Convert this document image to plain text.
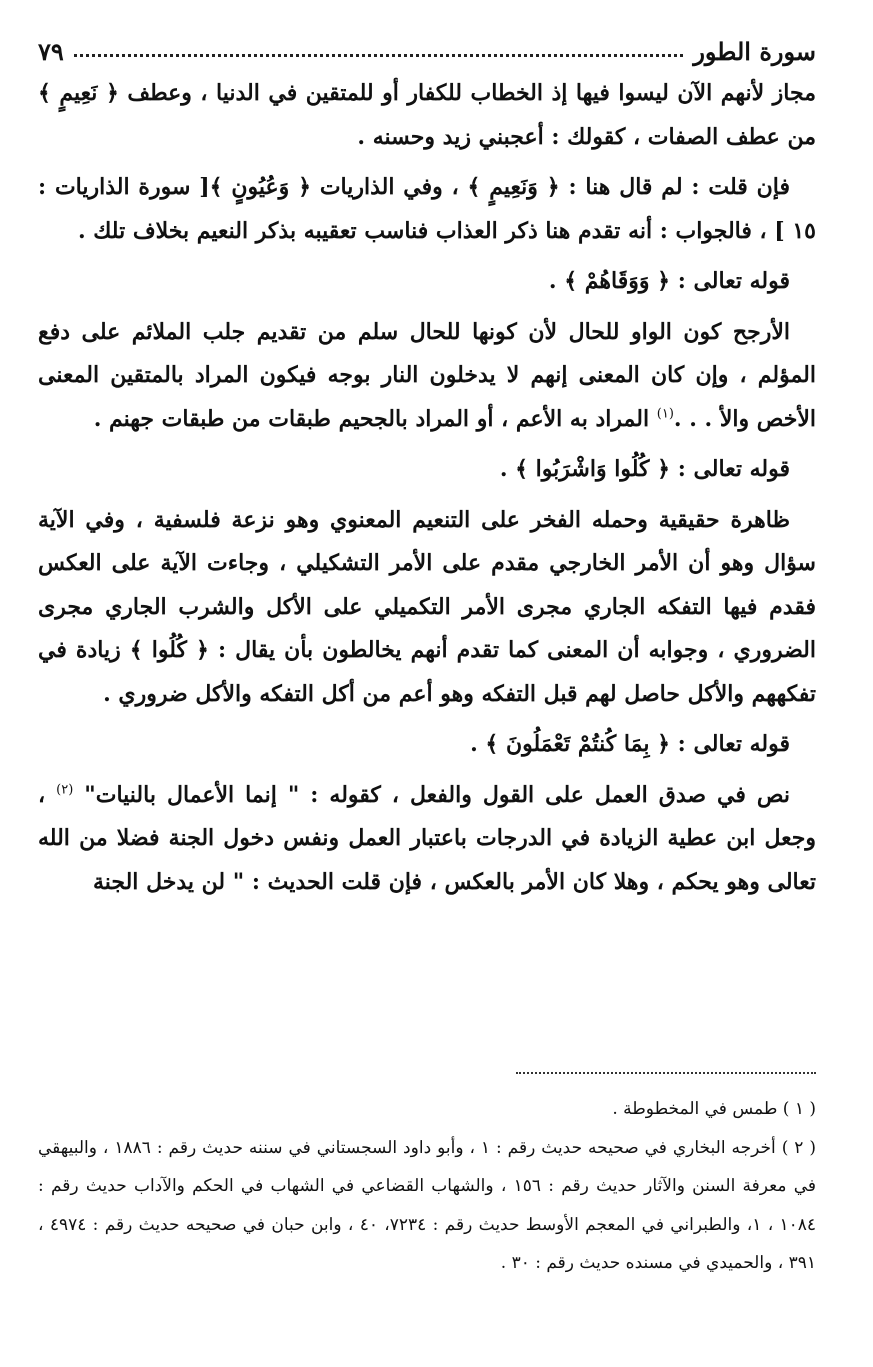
سورة الطور
٧٩

مجاز لأنهم الآن ليسوا فيها إذ الخطاب للكفار أو للمتقين في الدنيا ، وعطف ﴿ نَعِيمٍ ﴾ من عطف الصفات ، كقولك : أعجبني زيد وحسنه .

فإن قلت : لم قال هنا : ﴿ وَنَعِيمٍ ﴾ ، وفي الذاريات ﴿ وَعُيُونٍ ﴾[ سورة الذاريات : ١٥ ] ، فالجواب : أنه تقدم هنا ذكر العذاب فناسب تعقيبه بذكر النعيم بخلاف تلك .

قوله تعالى : ﴿ وَوَقَاهُمْ ﴾ .

الأرجح كون الواو للحال لأن كونها للحال سلم من تقديم جلب الملائم على دفع المؤلم ، وإن كان المعنى إنهم لا يدخلون النار بوجه فيكون المراد بالمتقين المعنى الأخص والأ . . .$^{(١)}$ المراد به الأعم ، أو المراد بالجحيم طبقات من طبقات جهنم .

قوله تعالى : ﴿ كُلُوا وَاشْرَبُوا ﴾ .

ظاهرة حقيقية وحمله الفخر على التنعيم المعنوي وهو نزعة فلسفية ، وفي الآية سؤال وهو أن الأمر الخارجي مقدم على الأمر التشكيلي ، وجاءت الآية على العكس فقدم فيها التفكه الجاري مجرى الأمر التكميلي على الأكل والشرب الجاري مجرى الضروري ، وجوابه أن المعنى كما تقدم أنهم يخالطون بأن يقال : ﴿ كُلُوا ﴾ زيادة في تفكههم والأكل حاصل لهم قبل التفكه وهو أعم من أكل التفكه والأكل ضروري .

قوله تعالى : ﴿ بِمَا كُنتُمْ تَعْمَلُونَ ﴾ .

نص في صدق العمل على القول والفعل ، كقوله : " إنما الأعمال بالنيات" $^{(٢)}$ ، وجعل ابن عطية الزيادة في الدرجات باعتبار العمل ونفس دخول الجنة فضلا من الله تعالى وهو يحكم ، وهلا كان الأمر بالعكس ، فإن قلت الحديث : " لن يدخل الجنة

( ١ ) طمس في المخطوطة .

( ٢ ) أخرجه البخاري في صحيحه حديث رقم : ١ ، وأبو داود السجستاني في سننه حديث رقم : ١٨٨٦ ، والبيهقي في معرفة السنن والآثار حديث رقم : ١٥٦ ، والشهاب القضاعي في الشهاب في الحكم والآداب حديث رقم : ١٠٨٤ ، ١، والطبراني في المعجم الأوسط حديث رقم : ٧٢٣٤، ٤٠ ، وابن حبان في صحيحه حديث رقم : ٤٩٧٤ ، ٣٩١ ، والحميدي في مسنده حديث رقم : ٣٠ .
